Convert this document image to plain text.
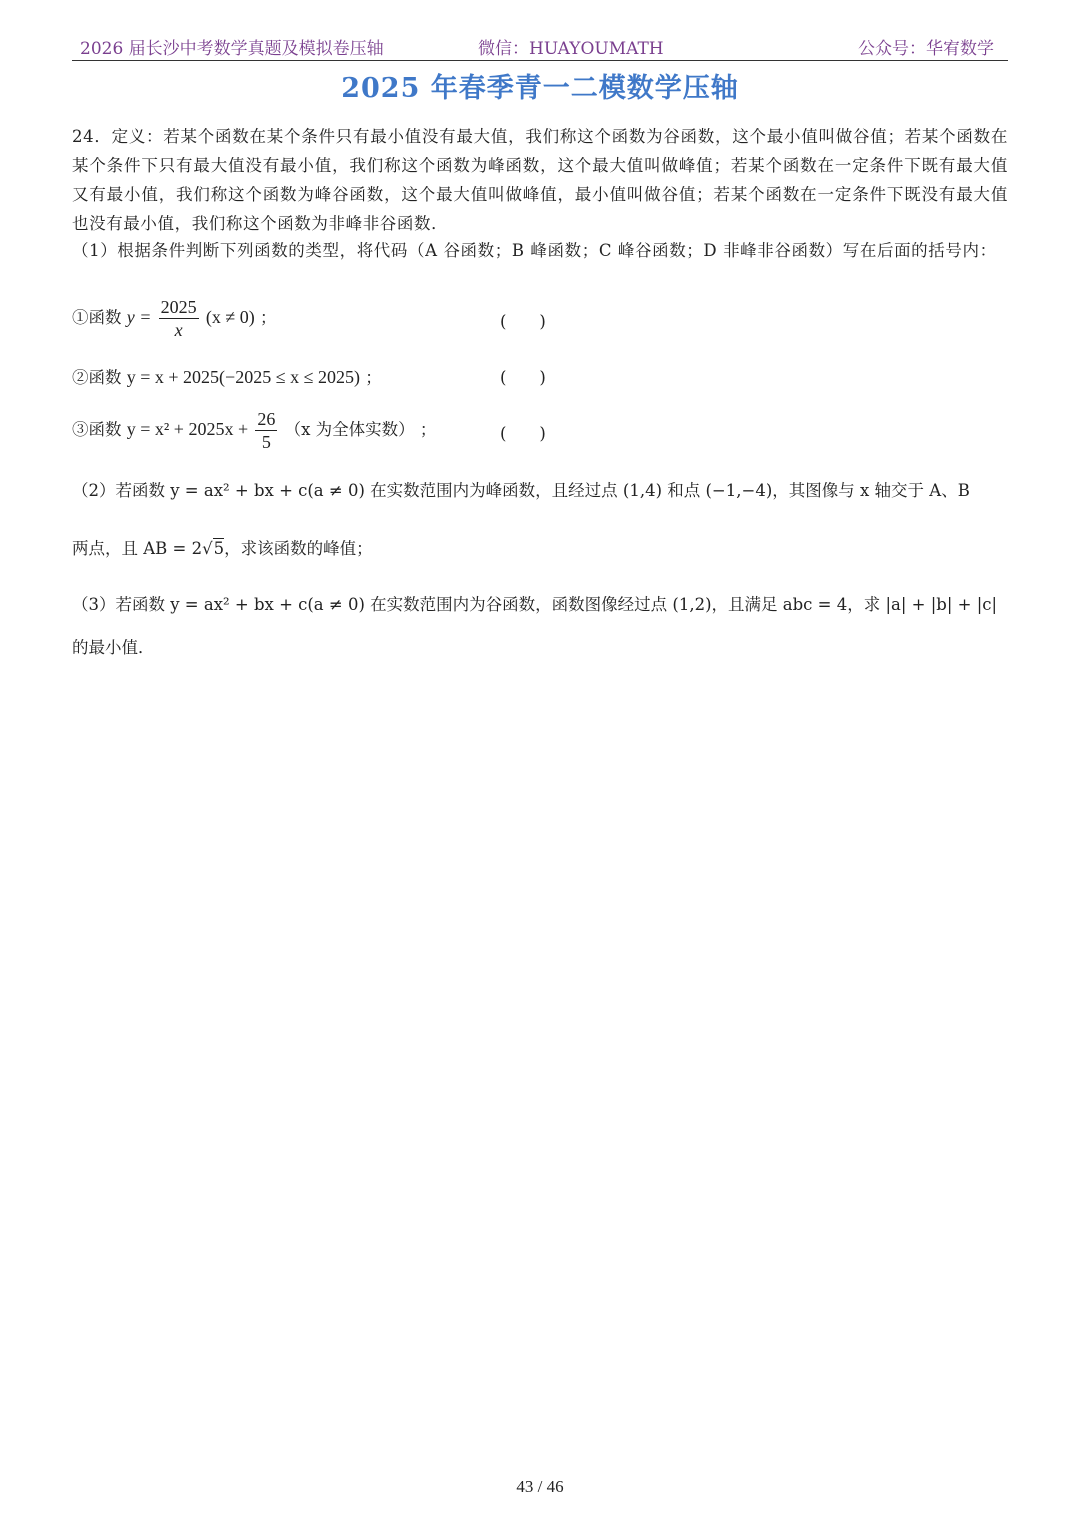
2026 届长沙中考数学真题及模拟卷压轴	微信：HUAYOUMATH	公众号：华宥数学
2025 年春季青一二模数学压轴
24．定义：若某个函数在某个条件只有最小值没有最大值，我们称这个函数为谷函数，这个最小值叫做谷值；若某个函数在某个条件下只有最大值没有最小值，我们称这个函数为峰函数，这个最大值叫做峰值；若某个函数在一定条件下既有最大值又有最小值，我们称这个函数为峰谷函数，这个最大值叫做峰值，最小值叫做谷值；若某个函数在一定条件下既没有最大值也没有最小值，我们称这个函数为非峰非谷函数．
（1）根据条件判断下列函数的类型，将代码（A 谷函数；B 峰函数；C 峰谷函数；D 非峰非谷函数）写在后面的括号内：
①函数 $y = \frac{2025}{x} (x \ne 0)$ ；	(　　)
②函数 y = x + 2025(−2025 ≤ x ≤ 2025) ；	(　　)
③函数 $y = x^2 + 2025x + \frac{26}{5} (x$ 为全体实数） ；	(　　)
（2）若函数 y = ax² + bx + c(a ≠ 0) 在实数范围内为峰函数，且经过点 (1,4) 和点 (−1,−4)，其图像与 x 轴交于 A、B
两点，且 AB = 2√5，求该函数的峰值；
（3）若函数 y = ax² + bx + c(a ≠ 0) 在实数范围内为谷函数，函数图像经过点 (1,2)，且满足 abc = 4，求 |a| + |b| + |c|
的最小值．
43 / 46
